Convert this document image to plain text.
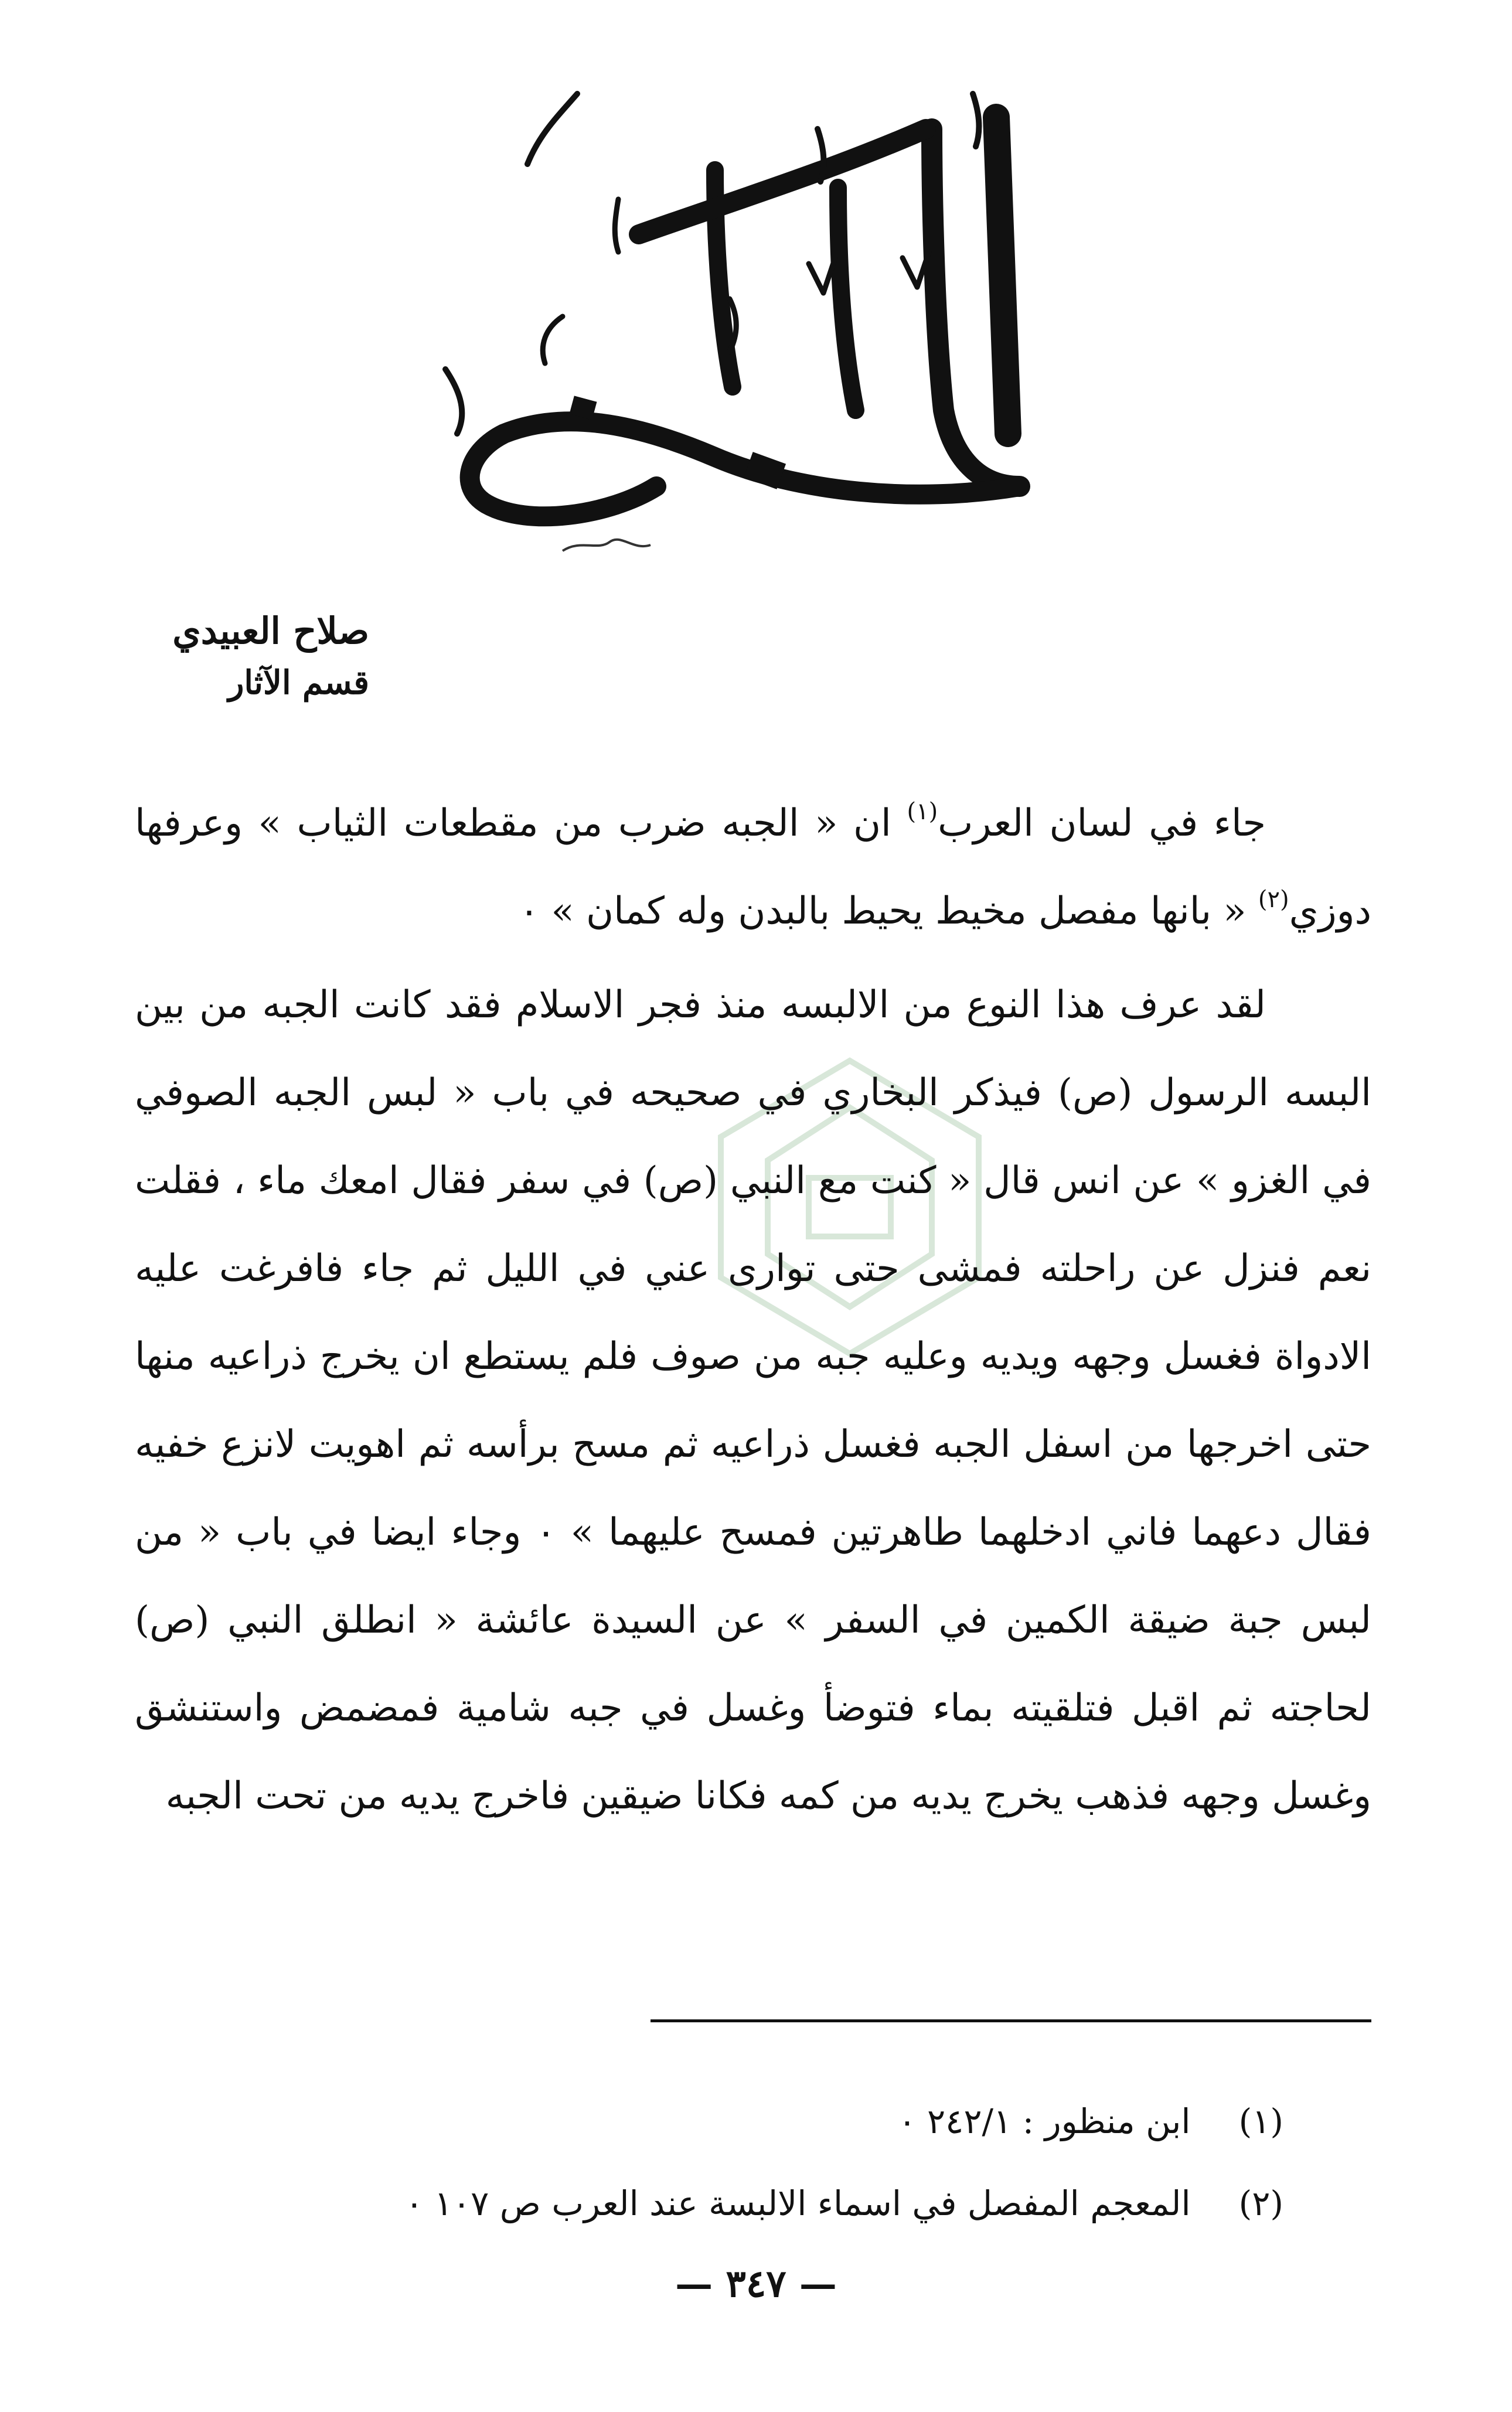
صلاح العبيدي
قسم الآثار

جاء في لسان العرب$^{(١)}$ ان « الجبه ضرب من مقطعات الثياب » وعرفها دوزي$^{(٢)}$ « بانها مفصل مخيط يحيط بالبدن وله كمان » ٠

لقد عرف هذا النوع من الالبسه منذ فجر الاسلام فقد كانت الجبه من بين البسه الرسول (ص) فيذكر البخاري في صحيحه في باب « لبس الجبه الصوفي في الغزو » عن انس قال « كنت مع النبي (ص) في سفر فقال امعك ماء ، فقلت نعم فنزل عن راحلته فمشى حتى توارى عني في الليل ثم جاء فافرغت عليه الادواة فغسل وجهه ويديه وعليه جبه من صوف فلم يستطع ان يخرج ذراعيه منها حتى اخرجها من اسفل الجبه فغسل ذراعيه ثم مسح برأسه ثم اهويت لانزع خفيه فقال دعهما فاني ادخلهما طاهرتين فمسح عليهما » ٠ وجاء ايضا في باب « من لبس جبة ضيقة الكمين في السفر » عن السيدة عائشة « انطلق النبي (ص) لحاجته ثم اقبل فتلقيته بماء فتوضأ وغسل في جبه شامية فمضمض واستنشق وغسل وجهه فذهب يخرج يديه من كمه فكانا ضيقين فاخرج يديه من تحت الجبه

(١) ابن منظور : ٢٤٢/١ ٠
(٢) المعجم المفصل في اسماء الالبسة عند العرب ص ١٠٧ ٠
— ٣٤٧ —
